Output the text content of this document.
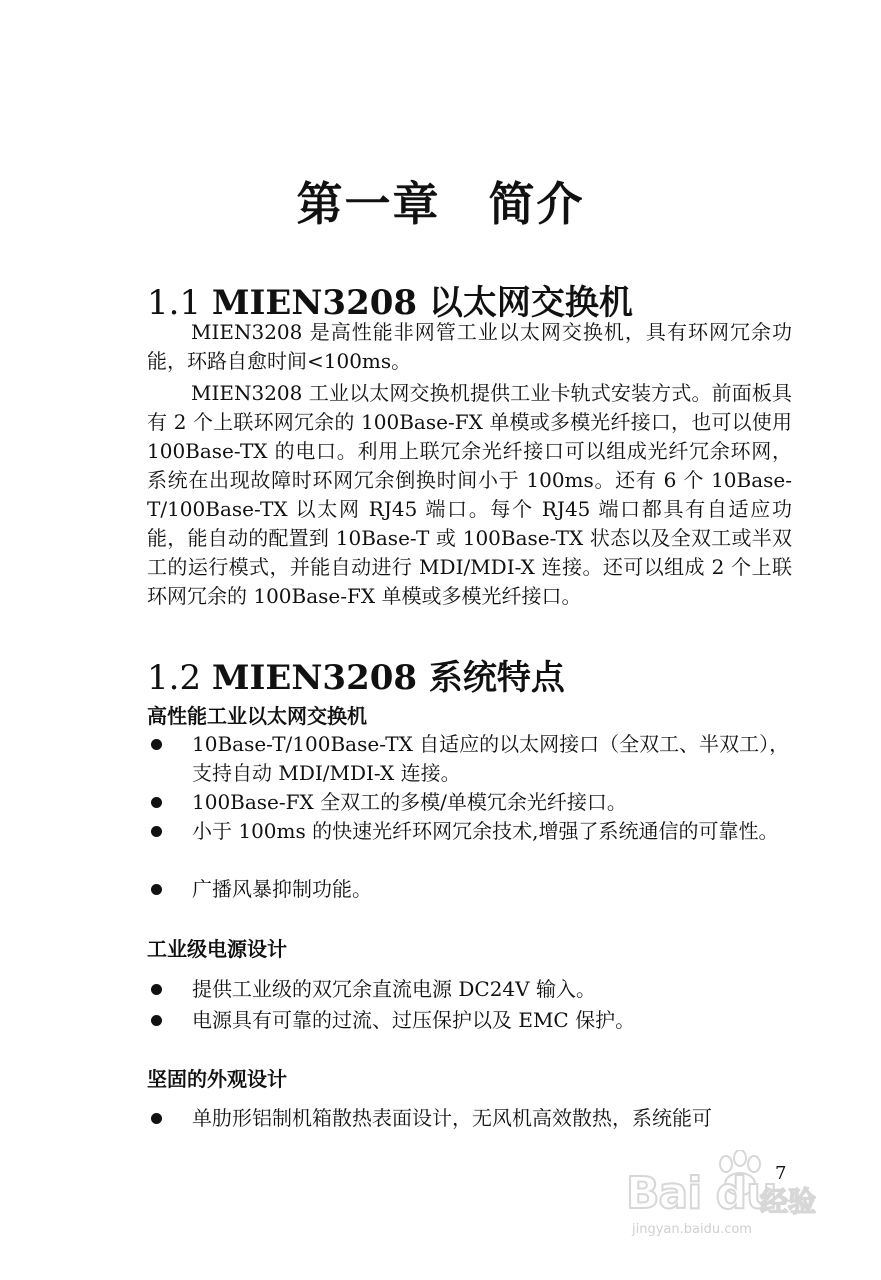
第一章　简介
1.1 MIEN3208 以太网交换机
MIEN3208 是高性能非网管工业以太网交换机，具有环网冗余功能，环路自愈时间<100ms。
MIEN3208 工业以太网交换机提供工业卡轨式安装方式。前面板具有 2 个上联环网冗余的 100Base-FX 单模或多模光纤接口，也可以使用 100Base-TX 的电口。利用上联冗余光纤接口可以组成光纤冗余环网，系统在出现故障时环网冗余倒换时间小于 100ms。还有 6 个 10Base-T/100Base-TX 以太网 RJ45 端口。每个 RJ45 端口都具有自适应功能，能自动的配置到 10Base-T 或 100Base-TX 状态以及全双工或半双工的运行模式，并能自动进行 MDI/MDI-X 连接。还可以组成 2 个上联环网冗余的 100Base-FX 单模或多模光纤接口。
1.2 MIEN3208 系统特点
高性能工业以太网交换机
10Base-T/100Base-TX 自适应的以太网接口（全双工、半双工），支持自动 MDI/MDI-X 连接。
100Base-FX 全双工的多模/单模冗余光纤接口。
小于 100ms 的快速光纤环网冗余技术,增强了系统通信的可靠性。
广播风暴抑制功能。
工业级电源设计
提供工业级的双冗余直流电源 DC24V 输入。
电源具有可靠的过流、过压保护以及 EMC 保护。
坚固的外观设计
单肋形铝制机箱散热表面设计，无风机高效散热，系统能可
Bai du
经验
jingyan.baidu.com
7
